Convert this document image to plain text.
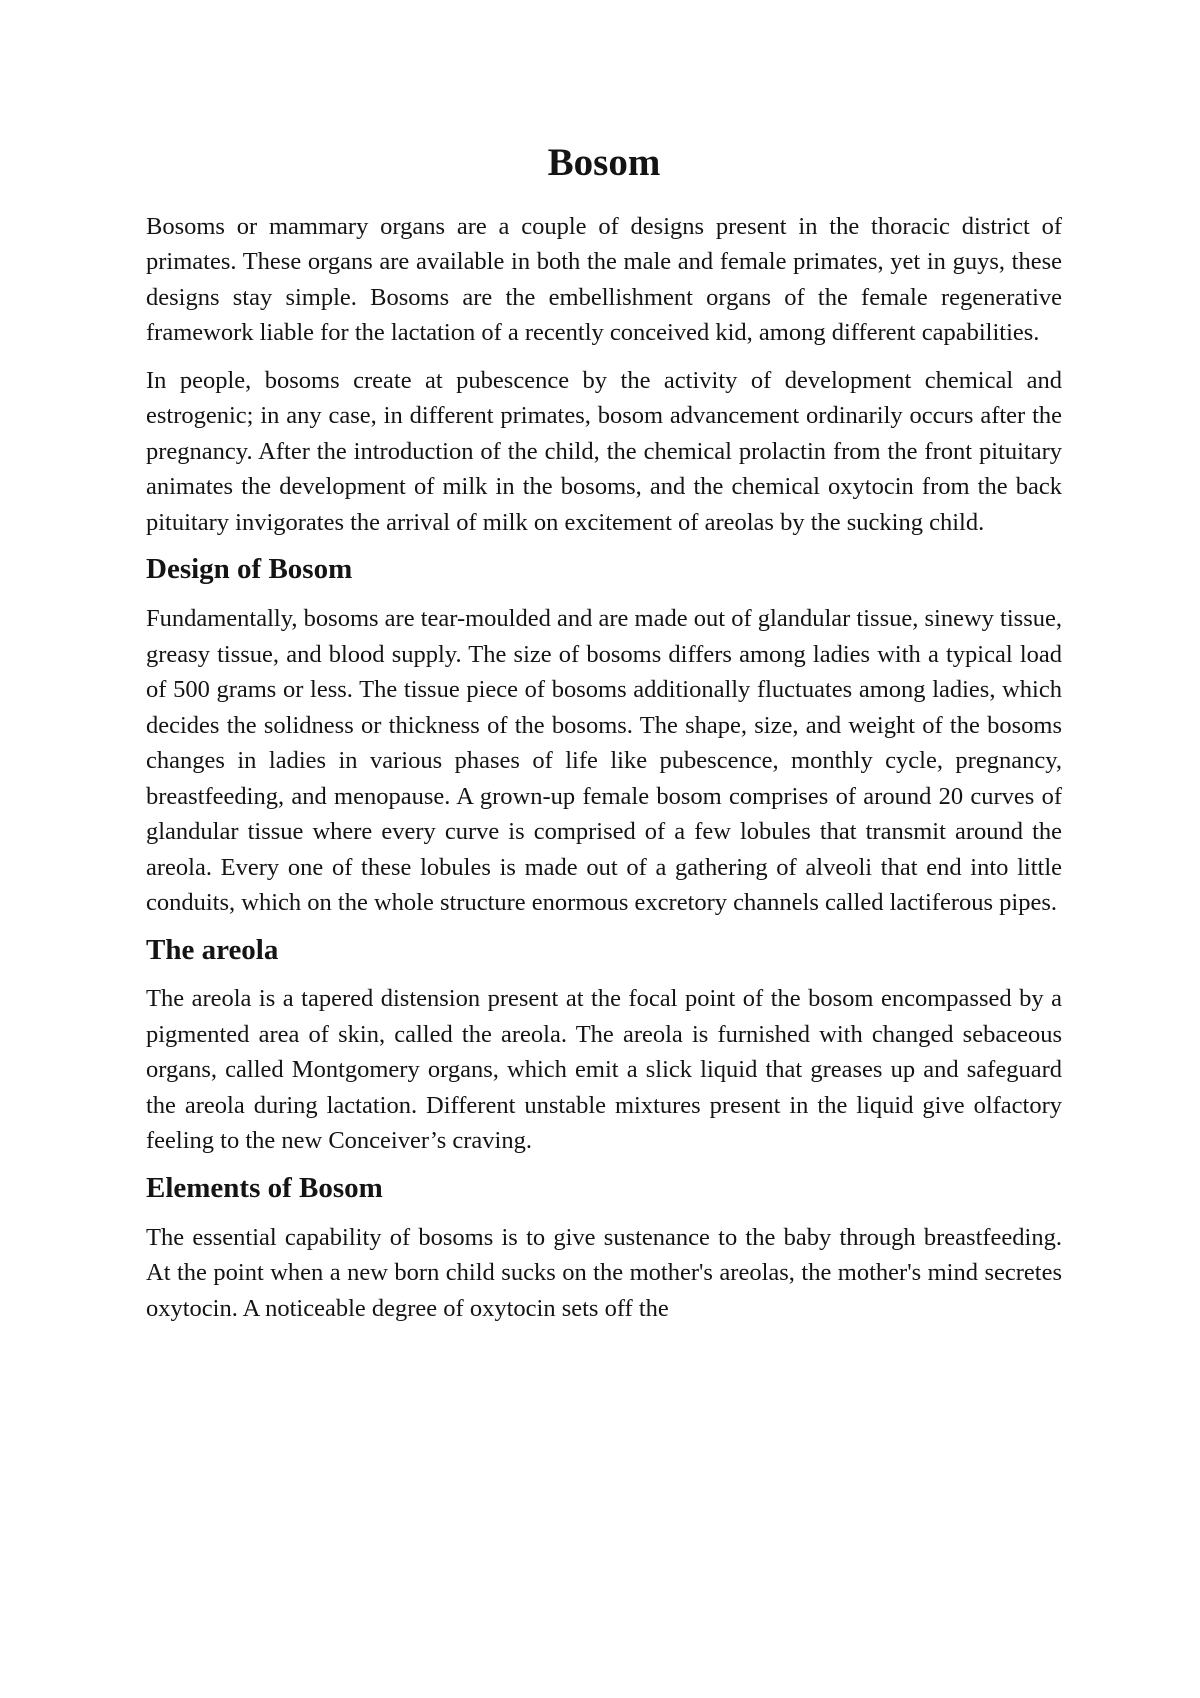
Bosom

Bosoms or mammary organs are a couple of designs present in the thoracic district of primates. These organs are available in both the male and female primates, yet in guys, these designs stay simple. Bosoms are the embellishment organs of the female regenerative framework liable for the lactation of a recently conceived kid, among different capabilities.

In people, bosoms create at pubescence by the activity of development chemical and estrogenic; in any case, in different primates, bosom advancement ordinarily occurs after the pregnancy. After the introduction of the child, the chemical prolactin from the front pituitary animates the development of milk in the bosoms, and the chemical oxytocin from the back pituitary invigorates the arrival of milk on excitement of areolas by the sucking child.

Design of Bosom

Fundamentally, bosoms are tear-moulded and are made out of glandular tissue, sinewy tissue, greasy tissue, and blood supply. The size of bosoms differs among ladies with a typical load of 500 grams or less. The tissue piece of bosoms additionally fluctuates among ladies, which decides the solidness or thickness of the bosoms. The shape, size, and weight of the bosoms changes in ladies in various phases of life like pubescence, monthly cycle, pregnancy, breastfeeding, and menopause. A grown-up female bosom comprises of around 20 curves of glandular tissue where every curve is comprised of a few lobules that transmit around the areola. Every one of these lobules is made out of a gathering of alveoli that end into little conduits, which on the whole structure enormous excretory channels called lactiferous pipes.

The areola

The areola is a tapered distension present at the focal point of the bosom encompassed by a pigmented area of skin, called the areola. The areola is furnished with changed sebaceous organs, called Montgomery organs, which emit a slick liquid that greases up and safeguard the areola during lactation. Different unstable mixtures present in the liquid give olfactory feeling to the new Conceiver’s craving.

Elements of Bosom

The essential capability of bosoms is to give sustenance to the baby through breastfeeding. At the point when a new born child sucks on the mother's areolas, the mother's mind secretes oxytocin. A noticeable degree of oxytocin sets off the
